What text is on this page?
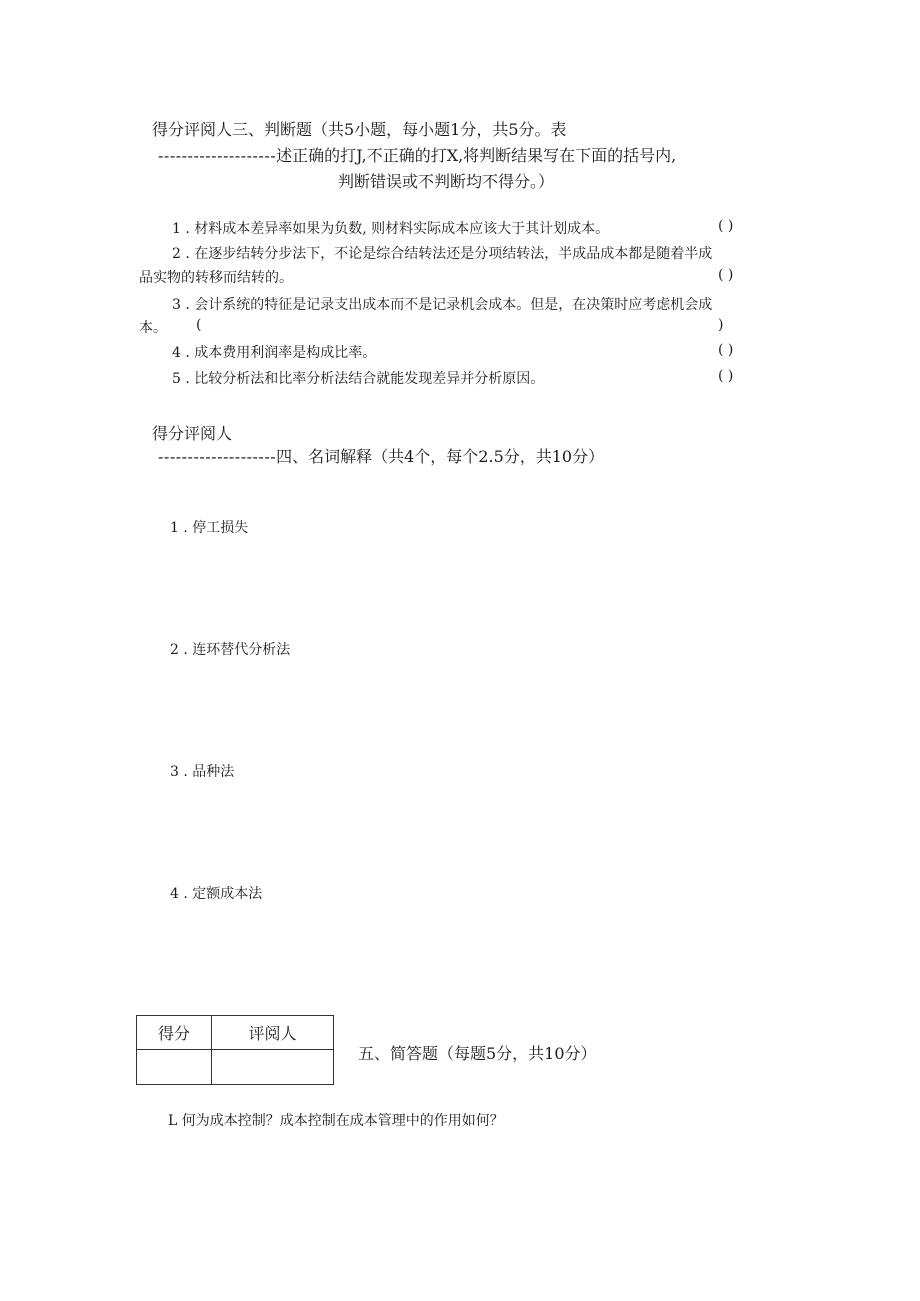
得分评阅人三、判断题（共5小题，每小题1分，共5分。表
--------------------述正确的打J,不正确的打X,将判断结果写在下面的括号内,
判断错误或不判断均不得分。）
1 . 材料成本差异率如果为负数, 则材料实际成本应该大于其计划成本。	( )
2 . 在逐步结转分步法下，不论是综合结转法还是分项结转法，半成品成本都是随着半成
品实物的转移而结转的。	( )
3 . 会计系统的特征是记录支出成本而不是记录机会成本。但是，在决策时应考虑机会成
本。 (	)
4 . 成本费用利润率是构成比率。	( )
5 . 比较分析法和比率分析法结合就能发现差异并分析原因。	( )
得分评阅人
--------------------四、名词解释（共4个，每个2.5分，共10分）
1 . 停工损失
2 . 连环替代分析法
3 . 品种法
4 . 定额成本法
得分	评阅人

五、简答题（每题5分，共10分）
L 何为成本控制？成本控制在成本管理中的作用如何？
